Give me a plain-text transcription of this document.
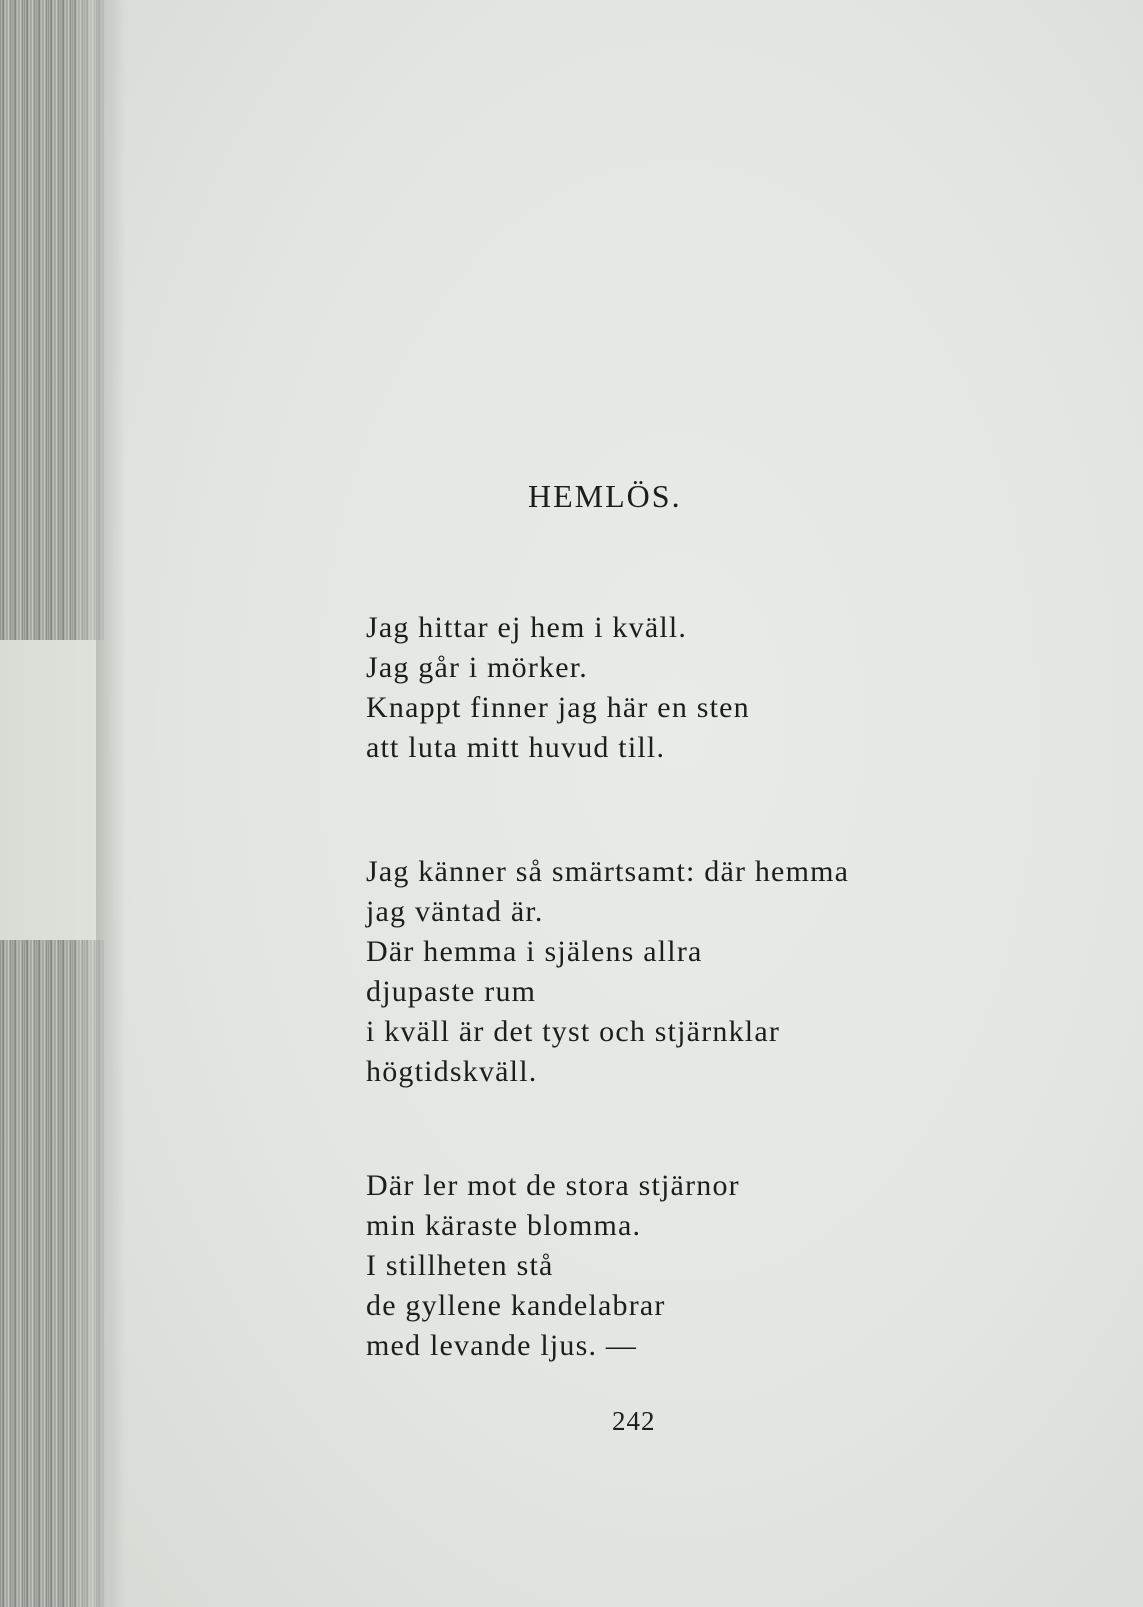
HEMLÖS.
Jag hittar ej hem i kväll.
Jag går i mörker.
Knappt finner jag här en sten
att luta mitt huvud till.
Jag känner så smärtsamt: där hemma
jag väntad är.
Där hemma i själens allra
djupaste rum
i kväll är det tyst och stjärnklar
högtidskväll.
Där ler mot de stora stjärnor
min käraste blomma.
I stillheten stå
de gyllene kandelabrar
med levande ljus. —
242
